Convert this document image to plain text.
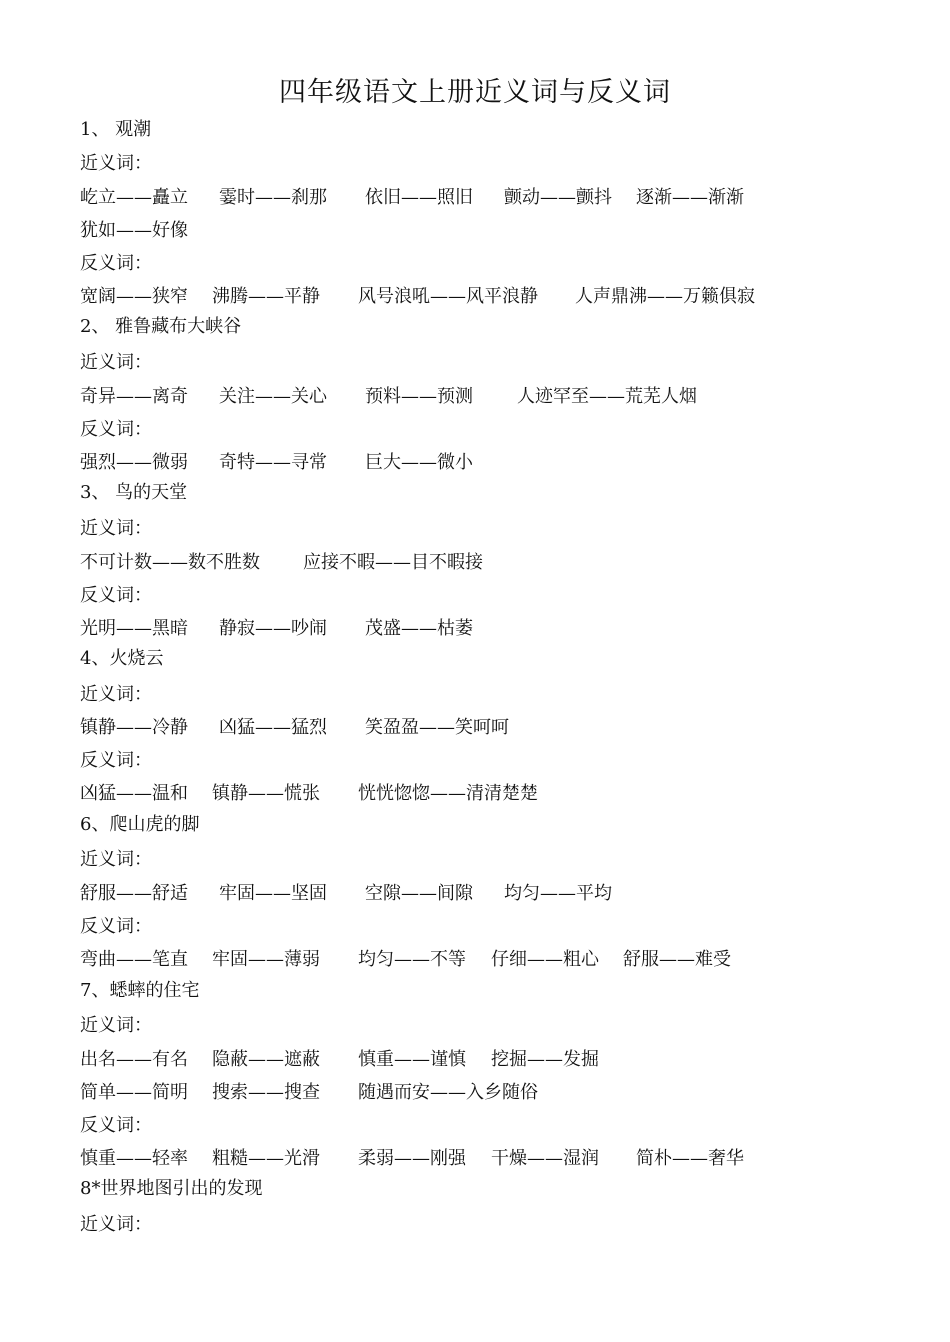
四年级语文上册近义词与反义词
1、 观潮
近义词：
屹立——矗立 霎时——刹那 依旧——照旧 颤动——颤抖 逐渐——渐渐
犹如——好像
反义词：
宽阔——狭窄 沸腾——平静 风号浪吼——风平浪静 人声鼎沸——万籁俱寂
2、 雅鲁藏布大峡谷
近义词：
奇异——离奇 关注——关心 预料——预测 人迹罕至——荒芜人烟
反义词：
强烈——微弱 奇特——寻常 巨大——微小
3、 鸟的天堂
近义词：
不可计数——数不胜数 应接不暇——目不暇接
反义词：
光明——黑暗 静寂——吵闹 茂盛——枯萎
4、火烧云
近义词：
镇静——冷静 凶猛——猛烈 笑盈盈——笑呵呵
反义词：
凶猛——温和 镇静——慌张 恍恍惚惚——清清楚楚
6、爬山虎的脚
近义词：
舒服——舒适 牢固——坚固 空隙——间隙 均匀——平均
反义词：
弯曲——笔直 牢固——薄弱 均匀——不等 仔细——粗心 舒服——难受
7、蟋蟀的住宅
近义词：
出名——有名 隐蔽——遮蔽 慎重——谨慎 挖掘——发掘
简单——简明 搜索——搜查 随遇而安——入乡随俗
反义词：
慎重——轻率 粗糙——光滑 柔弱——刚强 干燥——湿润 简朴——奢华
8*世界地图引出的发现
近义词：
